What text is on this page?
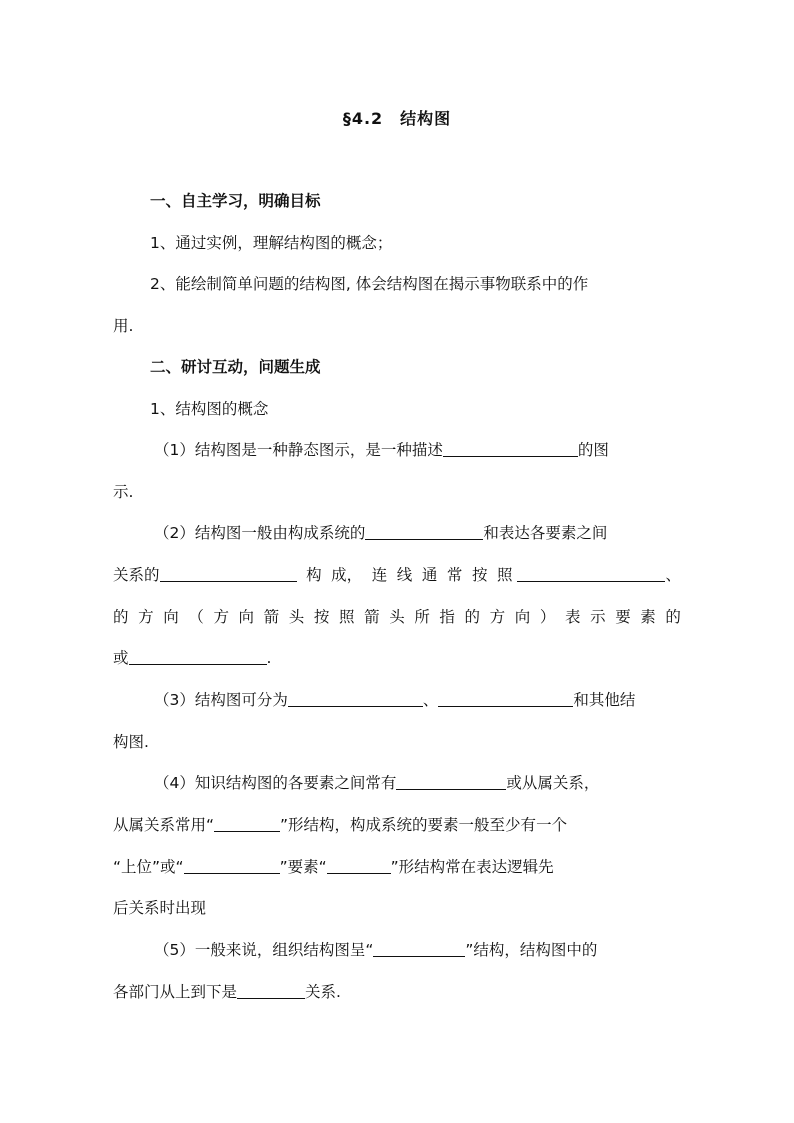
§4.2　结构图
一、自主学习，明确目标
1、通过实例，理解结构图的概念；
2、能绘制简单问题的结构图, 体会结构图在揭示事物联系中的作
用.
二、研讨互动，问题生成
1、结构图的概念
（1）结构图是一种静态图示，是一种描述	的图
示.
（2）结构图一般由构成系统的	和表达各要素之间
关系的	构 成， 连 线 通 常 按 照	、
的 方 向 （ 方 向 箭 头 按 照 箭 头 所 指 的 方 向 ） 表 示 要 素 的
或	.
（3）结构图可分为	、	和其他结
构图.
（4）知识结构图的各要素之间常有	或从属关系，
从属关系常用“	”形结构，构成系统的要素一般至少有一个
“上位”或“	”要素“	”形结构常在表达逻辑先
后关系时出现
（5）一般来说，组织结构图呈“	”结构，结构图中的
各部门从上到下是	关系.
